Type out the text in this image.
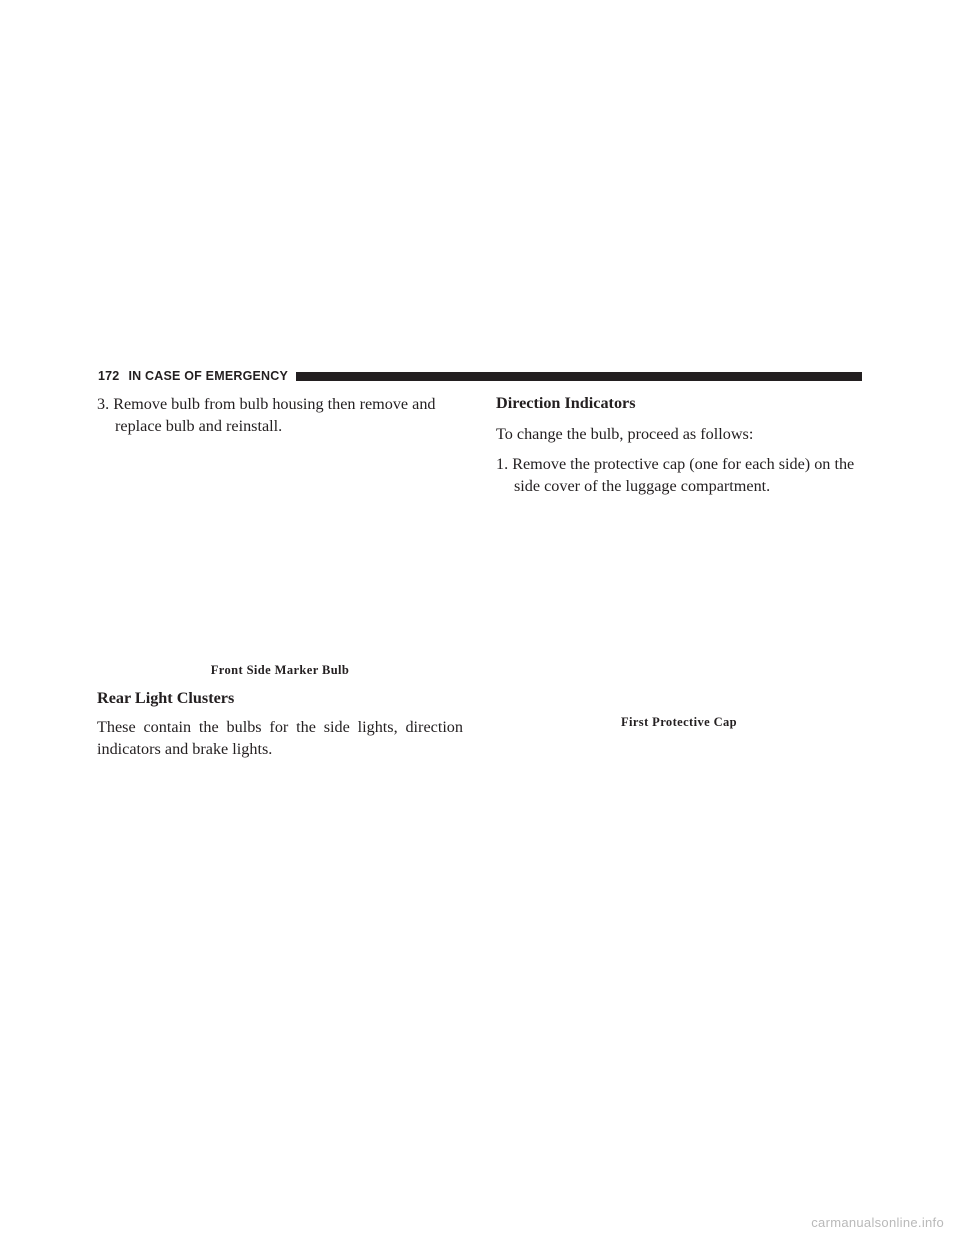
172 IN CASE OF EMERGENCY

3. Remove bulb from bulb housing then remove and
replace bulb and reinstall.

Front Side Marker Bulb

Rear Light Clusters

These contain the bulbs for the side lights, direction indicators and brake lights.

Direction Indicators

To change the bulb, proceed as follows:

1. Remove the protective cap (one for each side) on the
side cover of the luggage compartment.

First Protective Cap
carmanualsonline.info
